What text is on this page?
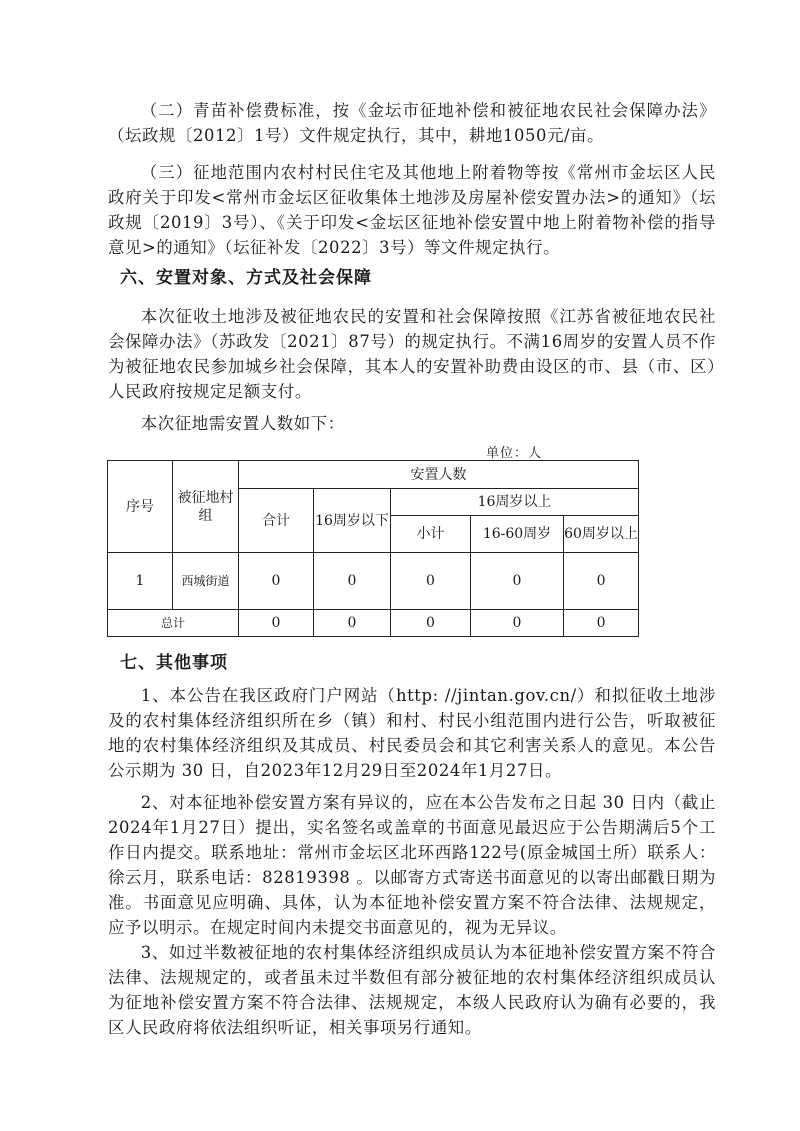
（二）青苗补偿费标准，按《金坛市征地补偿和被征地农民社会保障办法》（坛政规〔2012〕1号）文件规定执行，其中，耕地1050元/亩。

（三）征地范围内农村村民住宅及其他地上附着物等按《常州市金坛区人民政府关于印发<常州市金坛区征收集体土地涉及房屋补偿安置办法>的通知》（坛政规〔2019〕3号）、《关于印发<金坛区征地补偿安置中地上附着物补偿的指导意见>的通知》（坛征补发〔2022〕3号）等文件规定执行。

六、安置对象、方式及社会保障

本次征收土地涉及被征地农民的安置和社会保障按照《江苏省被征地农民社会保障办法》（苏政发〔2021〕87号）的规定执行。不满16周岁的安置人员不作为被征地农民参加城乡社会保障，其本人的安置补助费由设区的市、县（市、区）人民政府按规定足额支付。

本次征地需安置人数如下：

单位：人
序号	被征地村组	安置人数				
		合计	16周岁以下	16周岁以上		
				小计	16-60周岁	60周岁以上
1	西城街道	0	0	0	0	0
总计		0	0	0	0	0
七、其他事项

1、本公告在我区政府门户网站（http: //jintan.gov.cn/）和拟征收土地涉及的农村集体经济组织所在乡（镇）和村、村民小组范围内进行公告，听取被征地的农村集体经济组织及其成员、村民委员会和其它利害关系人的意见。本公告公示期为 30 日，自2023年12月29日至2024年1月27日。

2、对本征地补偿安置方案有异议的，应在本公告发布之日起 30 日内（截止2024年1月27日）提出，实名签名或盖章的书面意见最迟应于公告期满后5个工作日内提交。联系地址：常州市金坛区北环西路122号(原金城国土所）联系人：徐云月，联系电话：82819398 。以邮寄方式寄送书面意见的以寄出邮戳日期为准。书面意见应明确、具体，认为本征地补偿安置方案不符合法律、法规规定，应予以明示。在规定时间内未提交书面意见的，视为无异议。

3、如过半数被征地的农村集体经济组织成员认为本征地补偿安置方案不符合法律、法规规定的，或者虽未过半数但有部分被征地的农村集体经济组织成员认为征地补偿安置方案不符合法律、法规规定，本级人民政府认为确有必要的，我区人民政府将依法组织听证，相关事项另行通知。
